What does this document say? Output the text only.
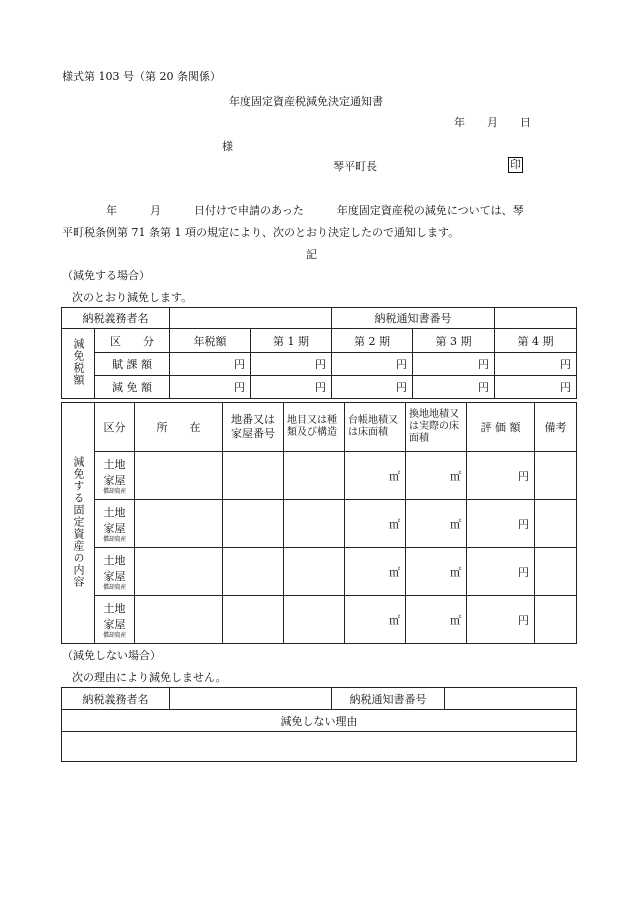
様式第 103 号（第 20 条関係）
年度固定資産税減免決定通知書
年　　月　　日
様
琴平町長	印
年　　　月　　　日付けで申請のあった　　　年度固定資産税の減免については、琴
平町税条例第 71 条第 1 項の規定により、次のとおり決定したので通知します。
記
（減免する場合）
次のとおり減免します。
納税義務者名				納税通知書番号		
減免税額	区　　分	年税額	第 1 期	第 2 期	第 3 期	第 4 期
	賦 課 額	円	円	円	円	円
	減 免 額	円	円	円	円	円
減免する固定資産の内容	区分	所　　在	地番又は家屋番号	地目又は種類及び構造	台帳地積又は床面積	換地地積又は実際の床面積	評 価 額	備考

	土地
家屋
償却資産				㎡	㎡	円	

	土地
家屋
償却資産				㎡	㎡	円	

	土地
家屋
償却資産				㎡	㎡	円	

	土地
家屋
償却資産				㎡	㎡	円	
（減免しない場合）
次の理由により減免しません。
納税義務者名		納税通知書番号	
減免しない理由
